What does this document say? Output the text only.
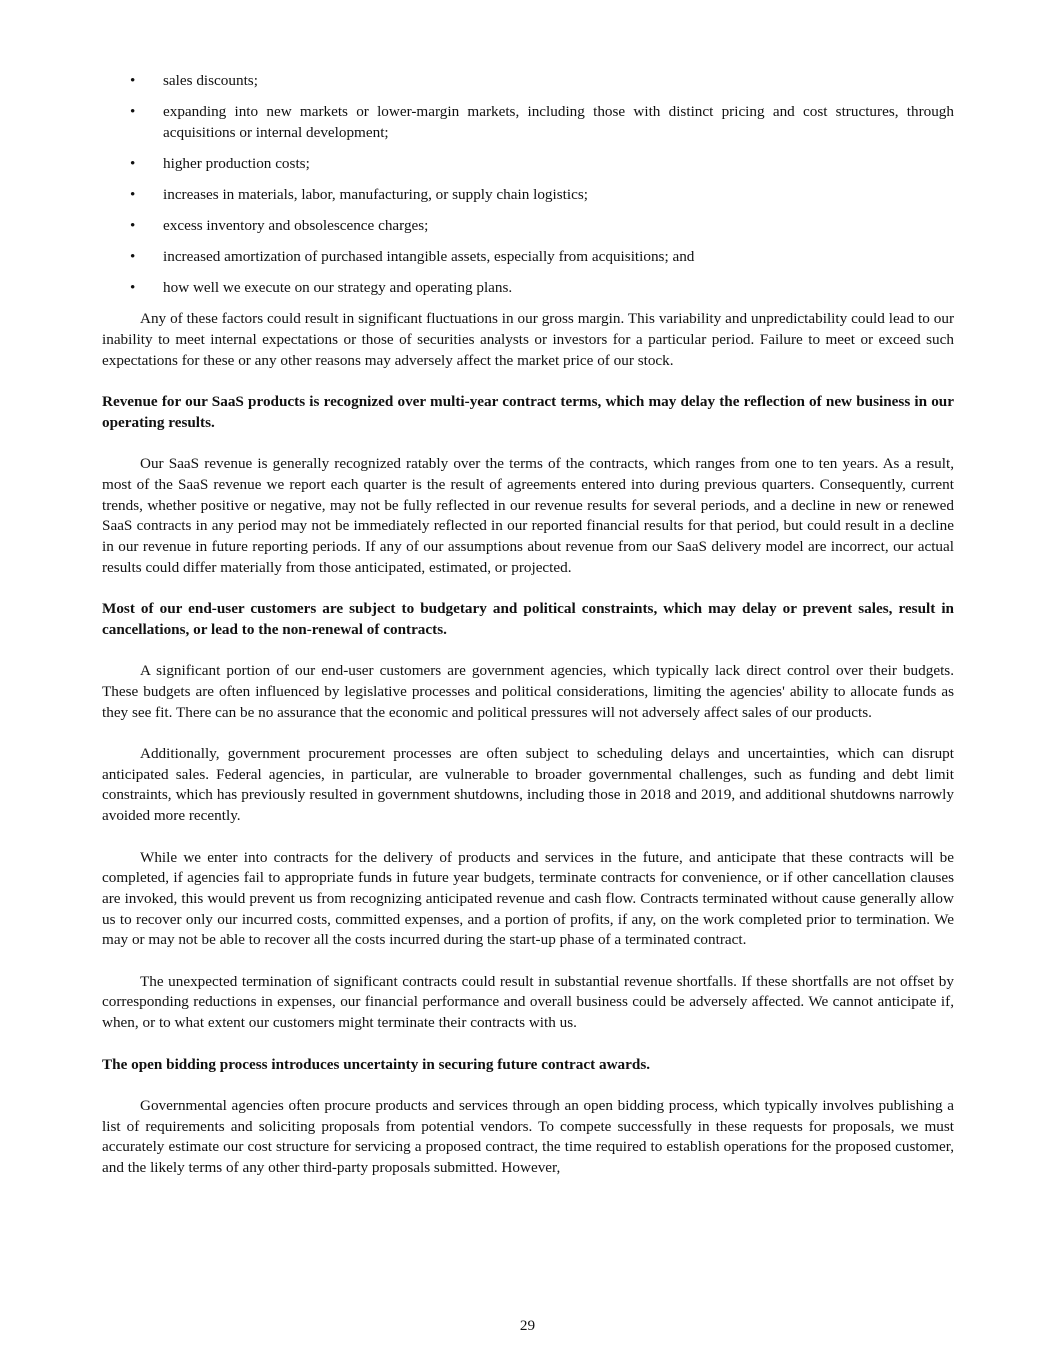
• sales discounts;
• expanding into new markets or lower-margin markets, including those with distinct pricing and cost structures, through acquisitions or internal development;
• higher production costs;
• increases in materials, labor, manufacturing, or supply chain logistics;
• excess inventory and obsolescence charges;
• increased amortization of purchased intangible assets, especially from acquisitions; and
• how well we execute on our strategy and operating plans.

Any of these factors could result in significant fluctuations in our gross margin. This variability and unpredictability could lead to our inability to meet internal expectations or those of securities analysts or investors for a particular period. Failure to meet or exceed such expectations for these or any other reasons may adversely affect the market price of our stock.

Revenue for our SaaS products is recognized over multi-year contract terms, which may delay the reflection of new business in our operating results.

Our SaaS revenue is generally recognized ratably over the terms of the contracts, which ranges from one to ten years. As a result, most of the SaaS revenue we report each quarter is the result of agreements entered into during previous quarters. Consequently, current trends, whether positive or negative, may not be fully reflected in our revenue results for several periods, and a decline in new or renewed SaaS contracts in any period may not be immediately reflected in our reported financial results for that period, but could result in a decline in our revenue in future reporting periods. If any of our assumptions about revenue from our SaaS delivery model are incorrect, our actual results could differ materially from those anticipated, estimated, or projected.

Most of our end-user customers are subject to budgetary and political constraints, which may delay or prevent sales, result in cancellations, or lead to the non-renewal of contracts.

A significant portion of our end-user customers are government agencies, which typically lack direct control over their budgets. These budgets are often influenced by legislative processes and political considerations, limiting the agencies' ability to allocate funds as they see fit. There can be no assurance that the economic and political pressures will not adversely affect sales of our products.

Additionally, government procurement processes are often subject to scheduling delays and uncertainties, which can disrupt anticipated sales. Federal agencies, in particular, are vulnerable to broader governmental challenges, such as funding and debt limit constraints, which has previously resulted in government shutdowns, including those in 2018 and 2019, and additional shutdowns narrowly avoided more recently.

While we enter into contracts for the delivery of products and services in the future, and anticipate that these contracts will be completed, if agencies fail to appropriate funds in future year budgets, terminate contracts for convenience, or if other cancellation clauses are invoked, this would prevent us from recognizing anticipated revenue and cash flow. Contracts terminated without cause generally allow us to recover only our incurred costs, committed expenses, and a portion of profits, if any, on the work completed prior to termination. We may or may not be able to recover all the costs incurred during the start-up phase of a terminated contract.

The unexpected termination of significant contracts could result in substantial revenue shortfalls. If these shortfalls are not offset by corresponding reductions in expenses, our financial performance and overall business could be adversely affected. We cannot anticipate if, when, or to what extent our customers might terminate their contracts with us.

The open bidding process introduces uncertainty in securing future contract awards.

Governmental agencies often procure products and services through an open bidding process, which typically involves publishing a list of requirements and soliciting proposals from potential vendors. To compete successfully in these requests for proposals, we must accurately estimate our cost structure for servicing a proposed contract, the time required to establish operations for the proposed customer, and the likely terms of any other third-party proposals submitted. However,

29
